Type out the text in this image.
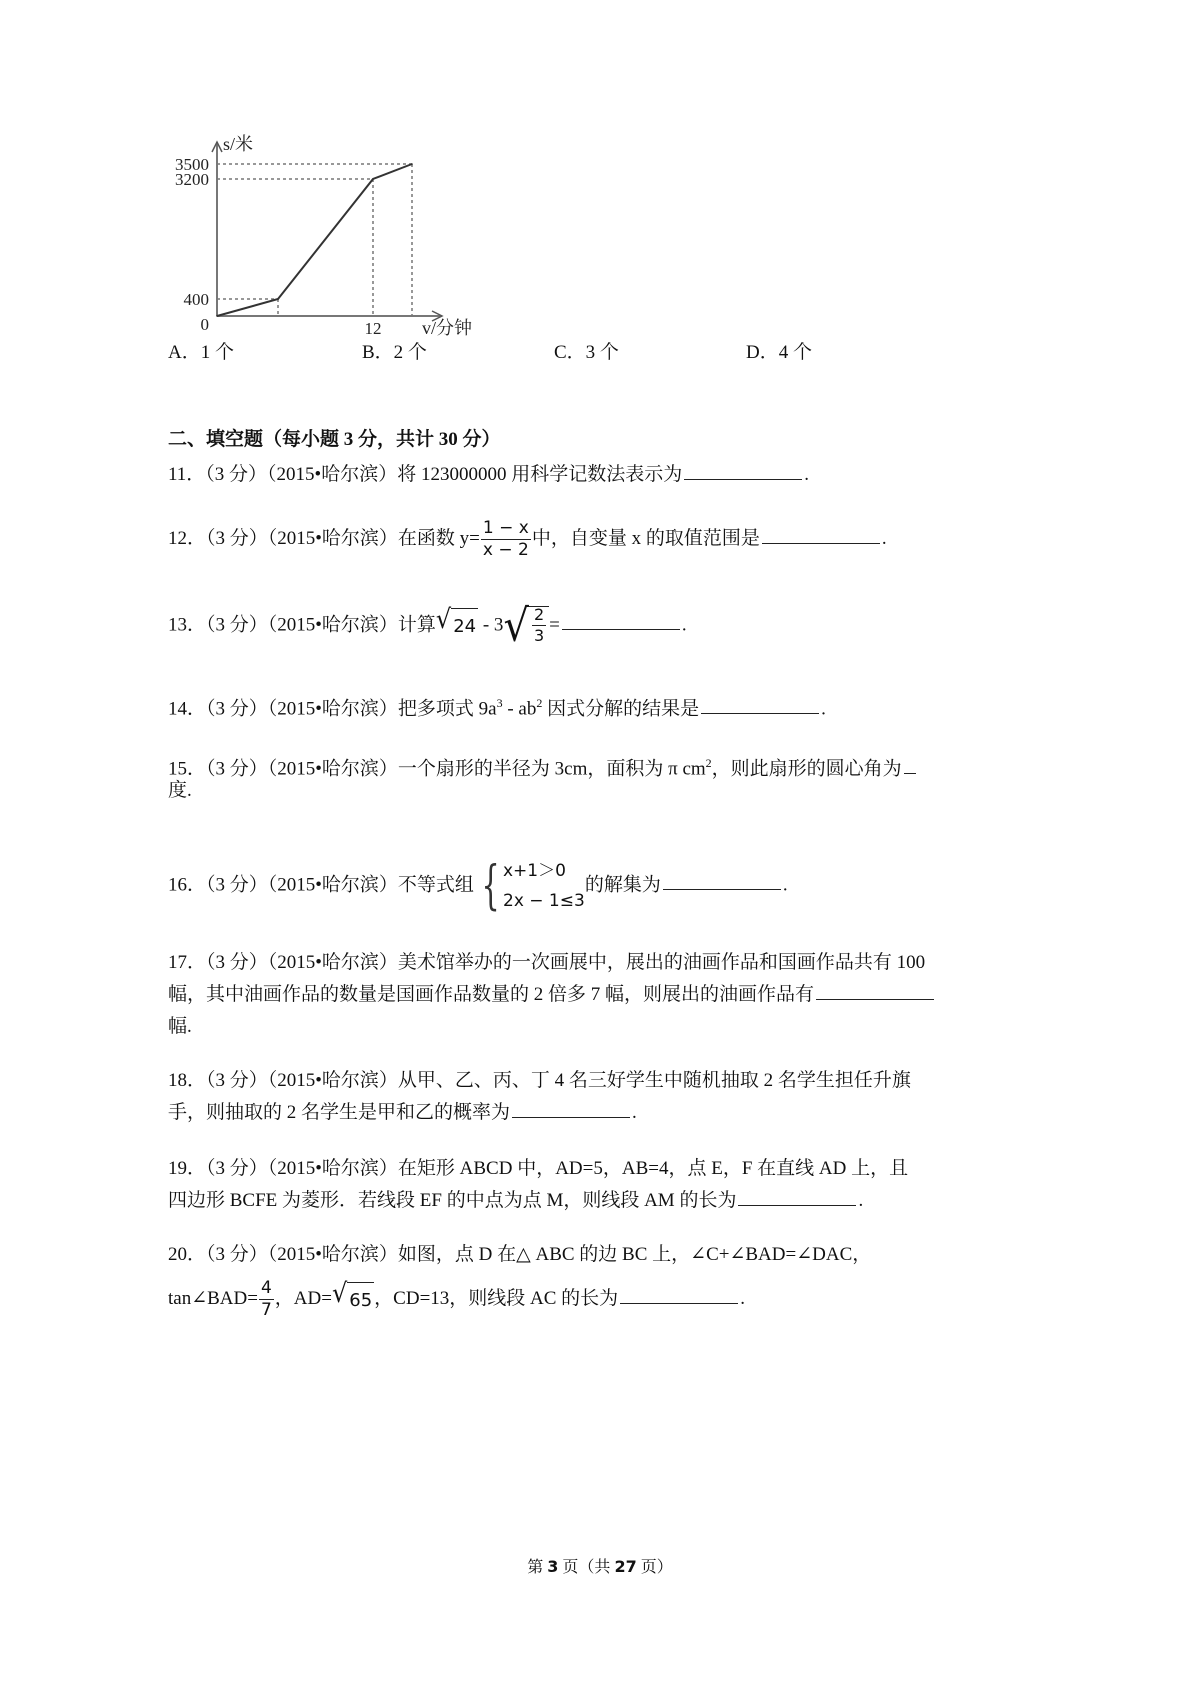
0
400
3200
3500
12
s/米
v/分钟
A．1 个	B．2 个	C．3 个	D．4 个
二、填空题（每小题 3 分，共计 30 分）
11．（3 分）（2015•哈尔滨）将 123000000 用科学记数法表示为	.
12．（3 分）（2015•哈尔滨）在函数 $y= \frac{1 - x}{x - 2}$ 中，自变量 x 的取值范围是	.
13．（3 分）（2015•哈尔滨）计算 √ 24 - 3 √ $\frac{2}{3}$ =	.
14．（3 分）（2015•哈尔滨）把多项式 $9a^3 - ab^2$ 因式分解的结果是	.
15．（3 分）（2015•哈尔滨）一个扇形的半径为 3cm，面积为 π $cm^2$，则此扇形的圆心角为
度.
16．（3 分）（2015•哈尔滨）不等式组 { x+1＞0
2x − 1≤3
的解集为	.
17．（3 分）（2015•哈尔滨）美术馆举办的一次画展中，展出的油画作品和国画作品共有 100
幅，其中油画作品的数量是国画作品数量的 2 倍多 7 幅，则展出的油画作品有
幅.
18．（3 分）（2015•哈尔滨）从甲、乙、丙、丁 4 名三好学生中随机抽取 2 名学生担任升旗
手，则抽取的 2 名学生是甲和乙的概率为	.
19．（3 分）（2015•哈尔滨）在矩形 ABCD 中，AD=5，AB=4，点 E，F 在直线 AD 上，且
四边形 BCFE 为菱形．若线段 EF 的中点为点 M，则线段 AM 的长为	.
20．（3 分）（2015•哈尔滨）如图，点 D 在△ ABC 的边 BC 上，∠C+∠BAD=∠DAC，
tan∠BAD= $\frac{4}{7}$ ，AD= √ 65 ，CD=13，则线段 AC 的长为	.
第 3 页（共 27 页）
